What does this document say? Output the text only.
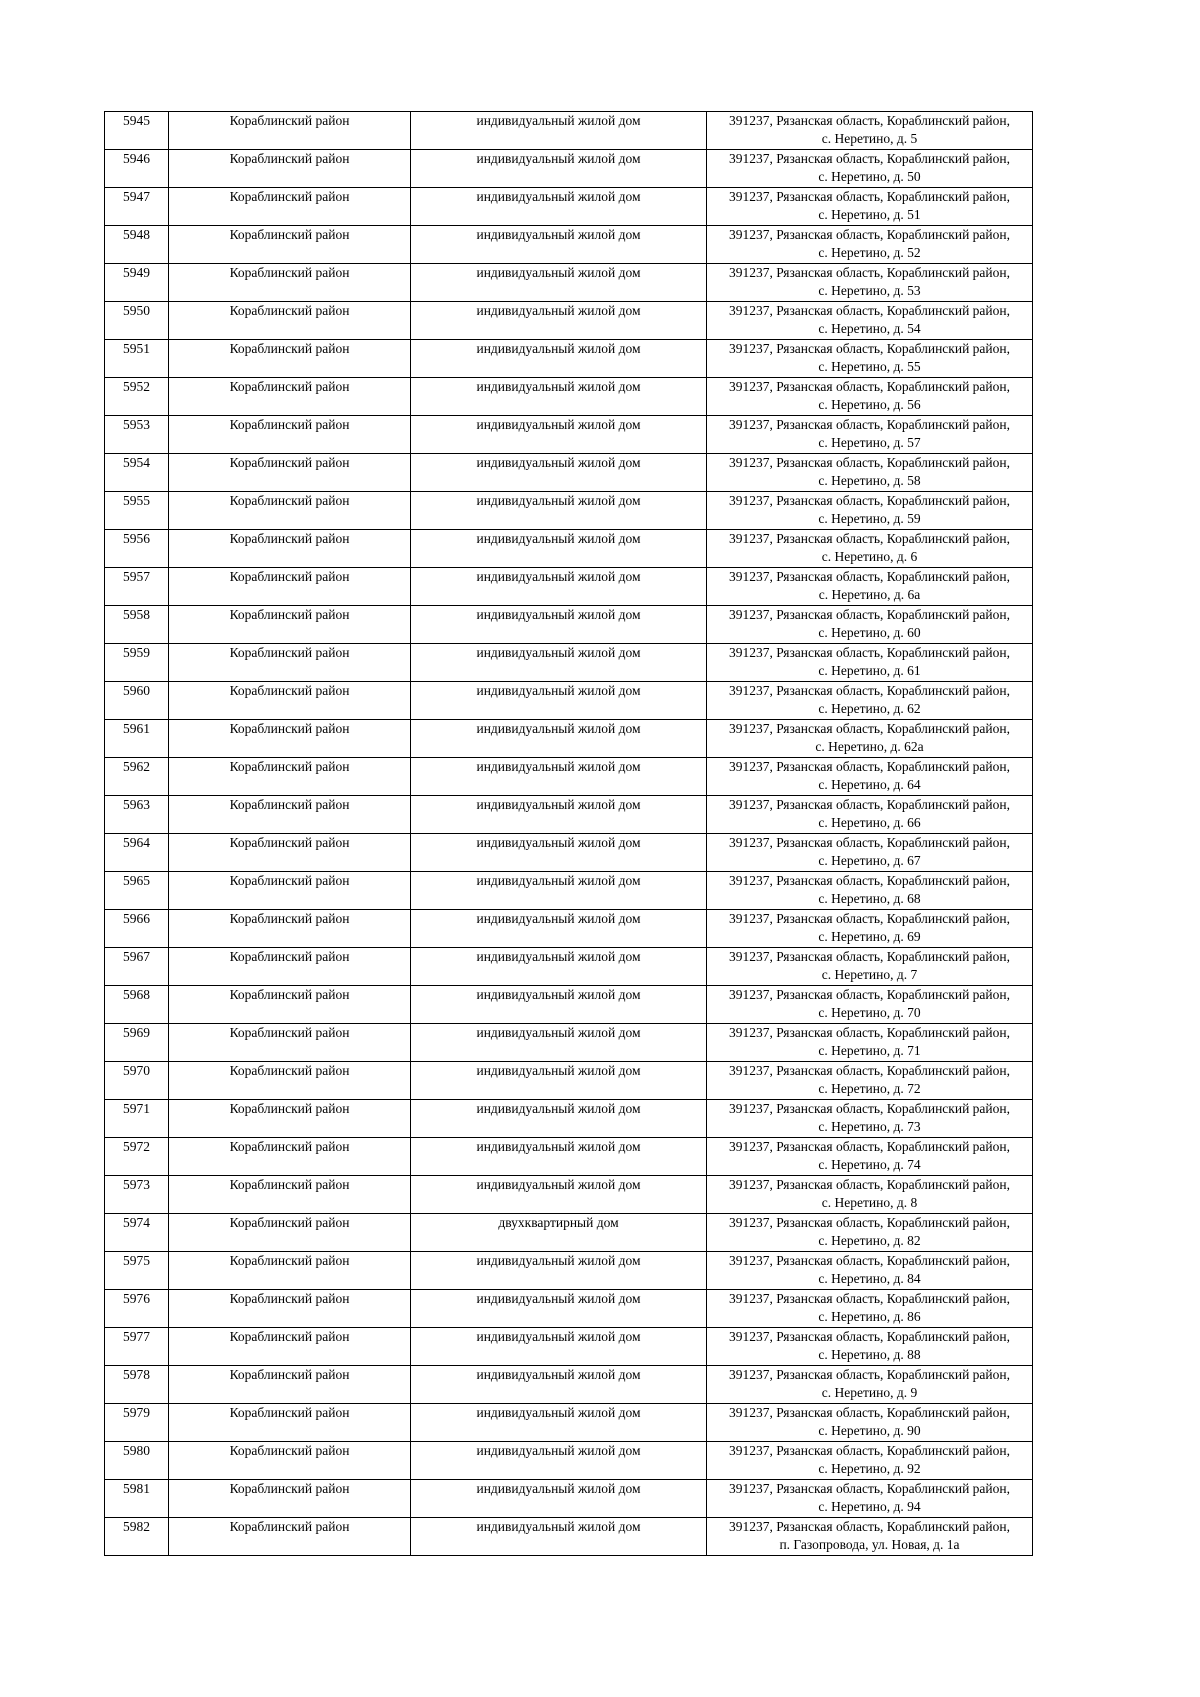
5945	Кораблинский район	индивидуальный жилой дом	391237, Рязанская область, Кораблинский район,
с. Неретино, д. 5

5946	Кораблинский район	индивидуальный жилой дом	391237, Рязанская область, Кораблинский район,
с. Неретино, д. 50

5947	Кораблинский район	индивидуальный жилой дом	391237, Рязанская область, Кораблинский район,
с. Неретино, д. 51

5948	Кораблинский район	индивидуальный жилой дом	391237, Рязанская область, Кораблинский район,
с. Неретино, д. 52

5949	Кораблинский район	индивидуальный жилой дом	391237, Рязанская область, Кораблинский район,
с. Неретино, д. 53

5950	Кораблинский район	индивидуальный жилой дом	391237, Рязанская область, Кораблинский район,
с. Неретино, д. 54

5951	Кораблинский район	индивидуальный жилой дом	391237, Рязанская область, Кораблинский район,
с. Неретино, д. 55

5952	Кораблинский район	индивидуальный жилой дом	391237, Рязанская область, Кораблинский район,
с. Неретино, д. 56

5953	Кораблинский район	индивидуальный жилой дом	391237, Рязанская область, Кораблинский район,
с. Неретино, д. 57

5954	Кораблинский район	индивидуальный жилой дом	391237, Рязанская область, Кораблинский район,
с. Неретино, д. 58

5955	Кораблинский район	индивидуальный жилой дом	391237, Рязанская область, Кораблинский район,
с. Неретино, д. 59

5956	Кораблинский район	индивидуальный жилой дом	391237, Рязанская область, Кораблинский район,
с. Неретино, д. 6

5957	Кораблинский район	индивидуальный жилой дом	391237, Рязанская область, Кораблинский район,
с. Неретино, д. 6а

5958	Кораблинский район	индивидуальный жилой дом	391237, Рязанская область, Кораблинский район,
с. Неретино, д. 60

5959	Кораблинский район	индивидуальный жилой дом	391237, Рязанская область, Кораблинский район,
с. Неретино, д. 61

5960	Кораблинский район	индивидуальный жилой дом	391237, Рязанская область, Кораблинский район,
с. Неретино, д. 62

5961	Кораблинский район	индивидуальный жилой дом	391237, Рязанская область, Кораблинский район,
с. Неретино, д. 62а

5962	Кораблинский район	индивидуальный жилой дом	391237, Рязанская область, Кораблинский район,
с. Неретино, д. 64

5963	Кораблинский район	индивидуальный жилой дом	391237, Рязанская область, Кораблинский район,
с. Неретино, д. 66

5964	Кораблинский район	индивидуальный жилой дом	391237, Рязанская область, Кораблинский район,
с. Неретино, д. 67

5965	Кораблинский район	индивидуальный жилой дом	391237, Рязанская область, Кораблинский район,
с. Неретино, д. 68

5966	Кораблинский район	индивидуальный жилой дом	391237, Рязанская область, Кораблинский район,
с. Неретино, д. 69

5967	Кораблинский район	индивидуальный жилой дом	391237, Рязанская область, Кораблинский район,
с. Неретино, д. 7

5968	Кораблинский район	индивидуальный жилой дом	391237, Рязанская область, Кораблинский район,
с. Неретино, д. 70

5969	Кораблинский район	индивидуальный жилой дом	391237, Рязанская область, Кораблинский район,
с. Неретино, д. 71

5970	Кораблинский район	индивидуальный жилой дом	391237, Рязанская область, Кораблинский район,
с. Неретино, д. 72

5971	Кораблинский район	индивидуальный жилой дом	391237, Рязанская область, Кораблинский район,
с. Неретино, д. 73

5972	Кораблинский район	индивидуальный жилой дом	391237, Рязанская область, Кораблинский район,
с. Неретино, д. 74

5973	Кораблинский район	индивидуальный жилой дом	391237, Рязанская область, Кораблинский район,
с. Неретино, д. 8

5974	Кораблинский район	двухквартирный дом	391237, Рязанская область, Кораблинский район,
с. Неретино, д. 82

5975	Кораблинский район	индивидуальный жилой дом	391237, Рязанская область, Кораблинский район,
с. Неретино, д. 84

5976	Кораблинский район	индивидуальный жилой дом	391237, Рязанская область, Кораблинский район,
с. Неретино, д. 86

5977	Кораблинский район	индивидуальный жилой дом	391237, Рязанская область, Кораблинский район,
с. Неретино, д. 88

5978	Кораблинский район	индивидуальный жилой дом	391237, Рязанская область, Кораблинский район,
с. Неретино, д. 9

5979	Кораблинский район	индивидуальный жилой дом	391237, Рязанская область, Кораблинский район,
с. Неретино, д. 90

5980	Кораблинский район	индивидуальный жилой дом	391237, Рязанская область, Кораблинский район,
с. Неретино, д. 92

5981	Кораблинский район	индивидуальный жилой дом	391237, Рязанская область, Кораблинский район,
с. Неретино, д. 94

5982	Кораблинский район	индивидуальный жилой дом	391237, Рязанская область, Кораблинский район,
п. Газопровода, ул. Новая, д. 1а
